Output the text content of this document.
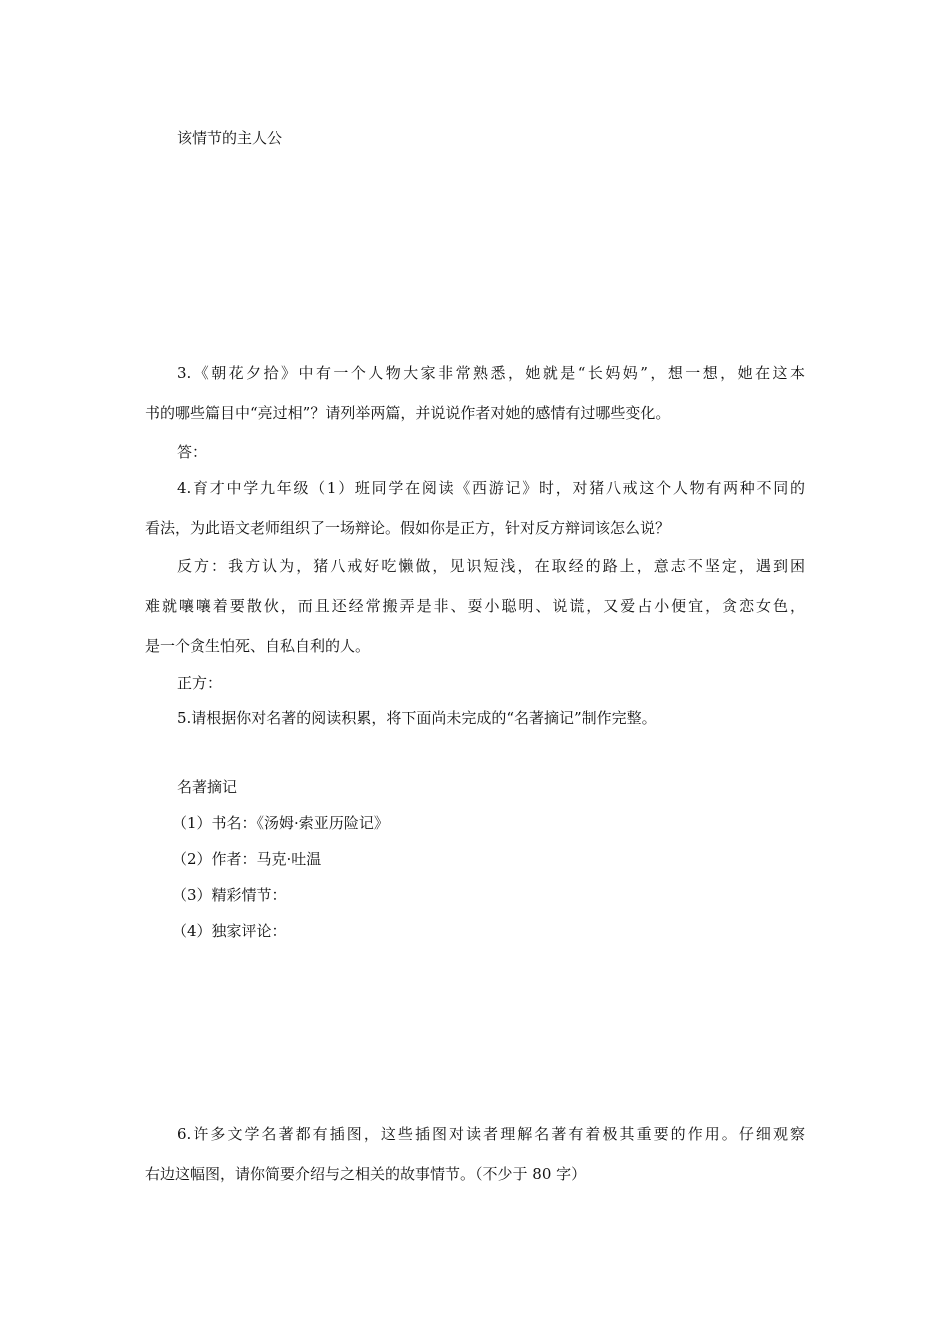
该情节的主人公

3.《朝花夕拾》中有一个人物大家非常熟悉，她就是“长妈妈”，想一想，她在这本

书的哪些篇目中“亮过相”？请列举两篇，并说说作者对她的感情有过哪些变化。

答：

4.育才中学九年级（1）班同学在阅读《西游记》时，对猪八戒这个人物有两种不同的

看法，为此语文老师组织了一场辩论。假如你是正方，针对反方辩词该怎么说？

反方：我方认为，猪八戒好吃懒做，见识短浅，在取经的路上，意志不坚定，遇到困

难就嚷嚷着要散伙，而且还经常搬弄是非、耍小聪明、说谎，又爱占小便宜，贪恋女色，

是一个贪生怕死、自私自利的人。

正方：

5.请根据你对名著的阅读积累，将下面尚未完成的“名著摘记”制作完整。

名著摘记

（1）书名：《汤姆·索亚历险记》

（2）作者：马克·吐温

（3）精彩情节：

（4）独家评论：

6.许多文学名著都有插图，这些插图对读者理解名著有着极其重要的作用。仔细观察

右边这幅图，请你简要介绍与之相关的故事情节。（不少于 80 字）
